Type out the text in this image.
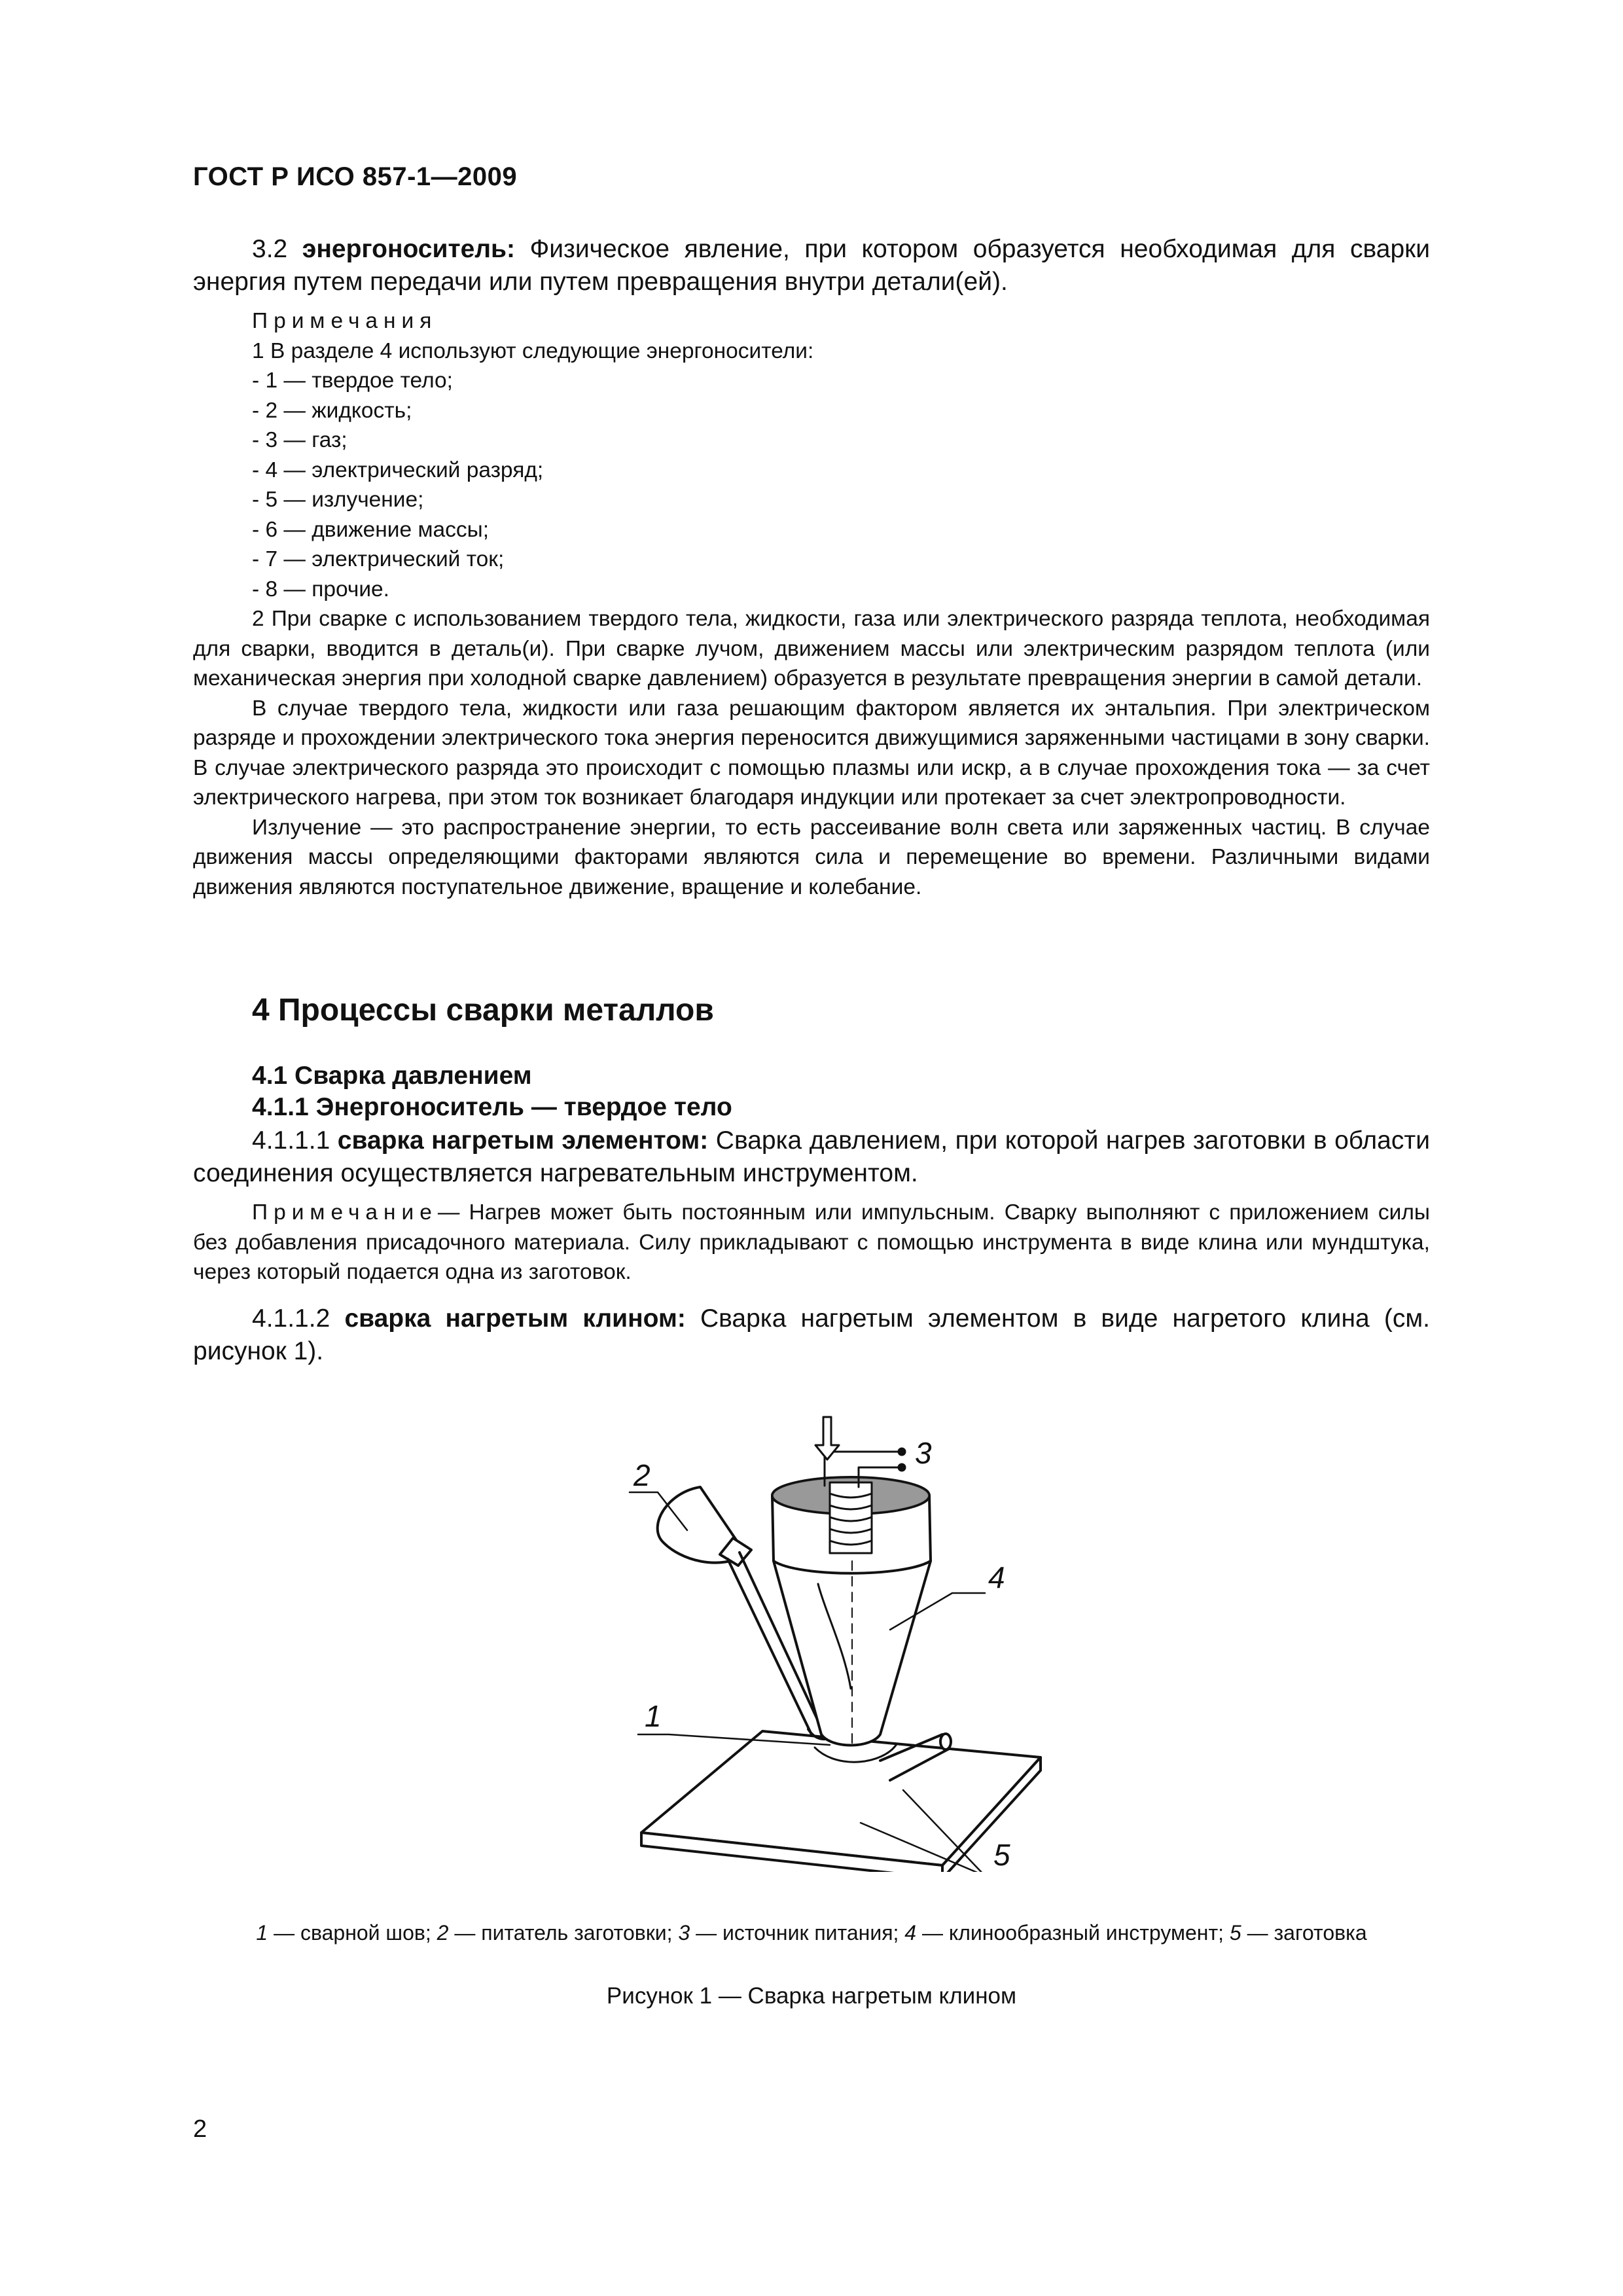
ГОСТ Р ИСО 857-1—2009
3.2 энергоноситель: Физическое явление, при котором образуется необходимая для сварки энергия путем передачи или путем превращения внутри детали(ей).

Примечания

1 В разделе 4 используют следующие энергоносители:

- 1 — твердое тело;

- 2 — жидкость;

- 3 — газ;

- 4 — электрический разряд;

- 5 — излучение;

- 6 — движение массы;

- 7 — электрический ток;

- 8 — прочие.

2 При сварке с использованием твердого тела, жидкости, газа или электрического разряда теплота, необходимая для сварки, вводится в деталь(и). При сварке лучом, движением массы или электрическим разрядом теплота (или механическая энергия при холодной сварке давлением) образуется в результате превращения энергии в самой детали.

В случае твердого тела, жидкости или газа решающим фактором является их энтальпия. При электрическом разряде и прохождении электрического тока энергия переносится движущимися заряженными частицами в зону сварки. В случае электрического разряда это происходит с помощью плазмы или искр, а в случае прохождения тока — за счет электрического нагрева, при этом ток возникает благодаря индукции или протекает за счет электропроводности.

Излучение — это распространение энергии, то есть рассеивание волн света или заряженных частиц. В случае движения массы определяющими факторами являются сила и перемещение во времени. Различными видами движения являются поступательное движение, вращение и колебание.

4 Процессы сварки металлов
4.1 Сварка давлением
4.1.1 Энергоноситель — твердое тело
4.1.1.1 сварка нагретым элементом: Сварка давлением, при которой нагрев заготовки в области соединения осуществляется нагревательным инструментом.

Примечание— Нагрев может быть постоянным или импульсным. Сварку выполняют с приложением силы без добавления присадочного материала. Силу прикладывают с помощью инструмента в виде клина или мундштука, через который подается одна из заготовок.

4.1.1.2 сварка нагретым клином: Сварка нагретым элементом в виде нагретого клина (см. рисунок 1).
2
3
4
1
5
1 — сварной шов; 2 — питатель заготовки; 3 — источник питания; 4 — клинообразный инструмент; 5 — заготовка
Рисунок 1 — Сварка нагретым клином
2
